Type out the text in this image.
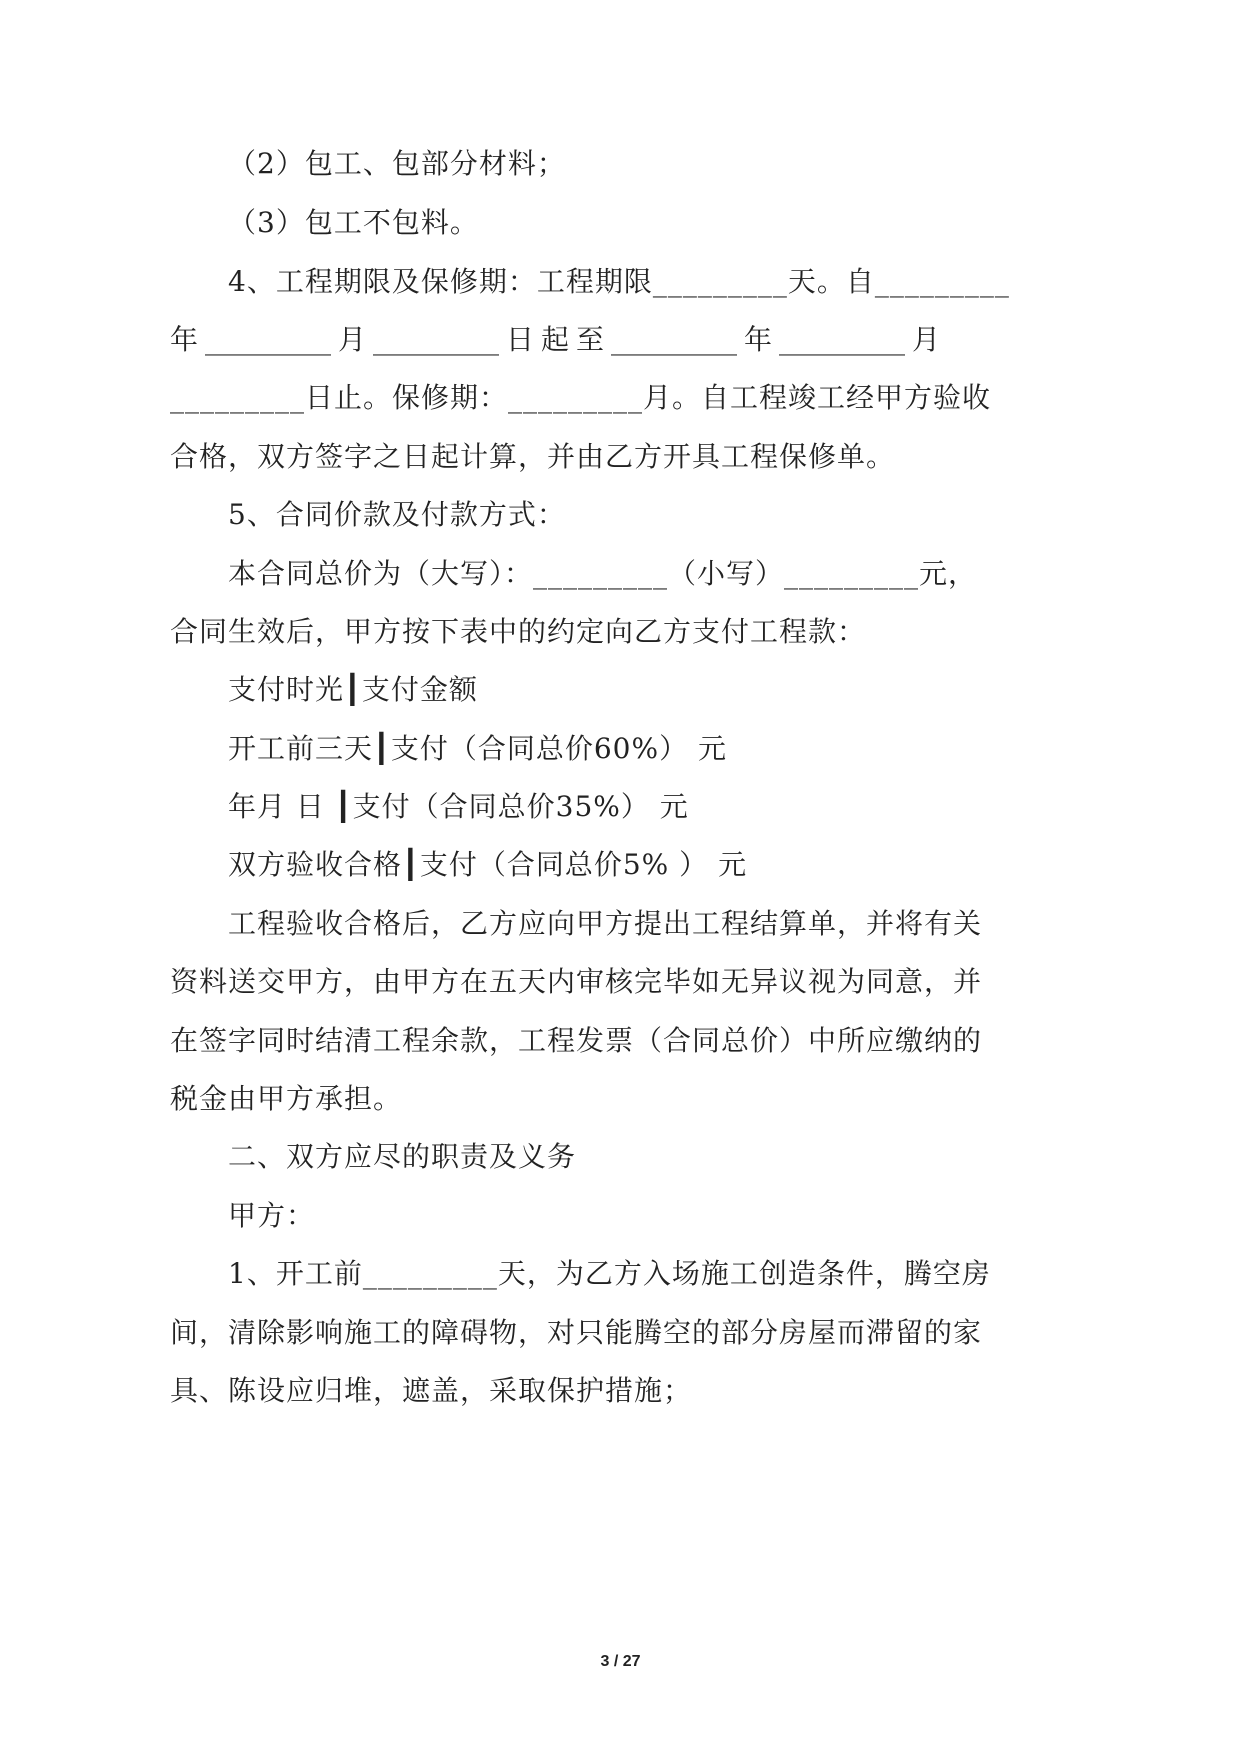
（2）包工、包部分材料；
（3）包工不包料。
4、工程期限及保修期：工程期限_________天。自_________
年 _________ 月 _________ 日 起 至 _________ 年 _________ 月
_________日止。保修期：_________月。自工程竣工经甲方验收
合格，双方签字之日起计算，并由乙方开具工程保修单。
5、合同价款及付款方式：
本合同总价为（大写）：_________（小写）_________元，
合同生效后，甲方按下表中的约定向乙方支付工程款：
支付时光┃支付金额
开工前三天┃支付（合同总价60%） 元
年月 日 ┃支付（合同总价35%） 元
双方验收合格┃支付（合同总价5% ） 元
工程验收合格后，乙方应向甲方提出工程结算单，并将有关
资料送交甲方，由甲方在五天内审核完毕如无异议视为同意，并
在签字同时结清工程余款，工程发票（合同总价）中所应缴纳的
税金由甲方承担。
二、双方应尽的职责及义务
甲方：
1、开工前_________天，为乙方入场施工创造条件，腾空房
间，清除影响施工的障碍物，对只能腾空的部分房屋而滞留的家
具、陈设应归堆，遮盖，采取保护措施；
3 / 27
